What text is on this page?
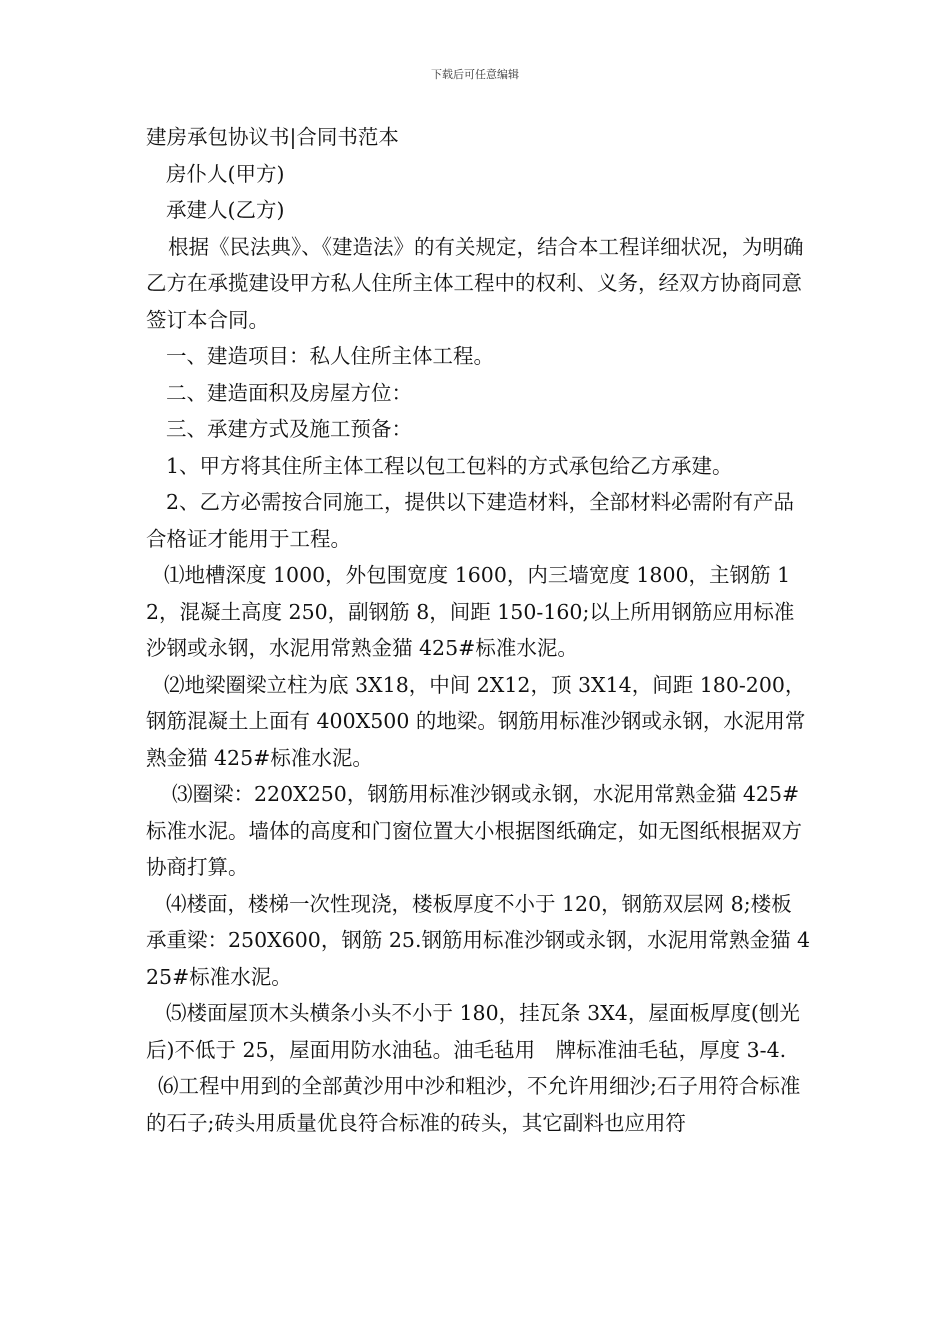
下载后可任意编辑

建房承包协议书|合同书范本

房仆人(甲方)

承建人(乙方)

根据《民法典》、《建造法》的有关规定，结合本工程详细状况，为明确乙方在承揽建设甲方私人住所主体工程中的权利、义务，经双方协商同意签订本合同。

一、建造项目：私人住所主体工程。

二、建造面积及房屋方位：

三、承建方式及施工预备：

1、甲方将其住所主体工程以包工包料的方式承包给乙方承建。

2、乙方必需按合同施工，提供以下建造材料，全部材料必需附有产品合格证才能用于工程。

⑴地槽深度 1000，外包围宽度 1600，内三墙宽度 1800，主钢筋 12，混凝土高度 250，副钢筋 8，间距 150-160;以上所用钢筋应用标准沙钢或永钢，水泥用常熟金猫 425#标准水泥。

⑵地梁圈梁立柱为底 3X18，中间 2X12，顶 3X14，间距 180-200，钢筋混凝土上面有 400X500 的地梁。钢筋用标准沙钢或永钢，水泥用常熟金猫 425#标准水泥。

⑶圈梁：220X250，钢筋用标准沙钢或永钢，水泥用常熟金猫 425#标准水泥。墙体的高度和门窗位置大小根据图纸确定，如无图纸根据双方协商打算。

⑷楼面，楼梯一次性现浇，楼板厚度不小于 120，钢筋双层网 8;楼板承重梁：250X600，钢筋 25.钢筋用标准沙钢或永钢，水泥用常熟金猫 425#标准水泥。

⑸楼面屋顶木头横条小头不小于 180，挂瓦条 3X4，屋面板厚度(刨光后)不低于 25，屋面用防水油毡。油毛毡用　牌标准油毛毡，厚度 3-4.

⑹工程中用到的全部黄沙用中沙和粗沙，不允许用细沙;石子用符合标准的石子;砖头用质量优良符合标准的砖头，其它副料也应用符
